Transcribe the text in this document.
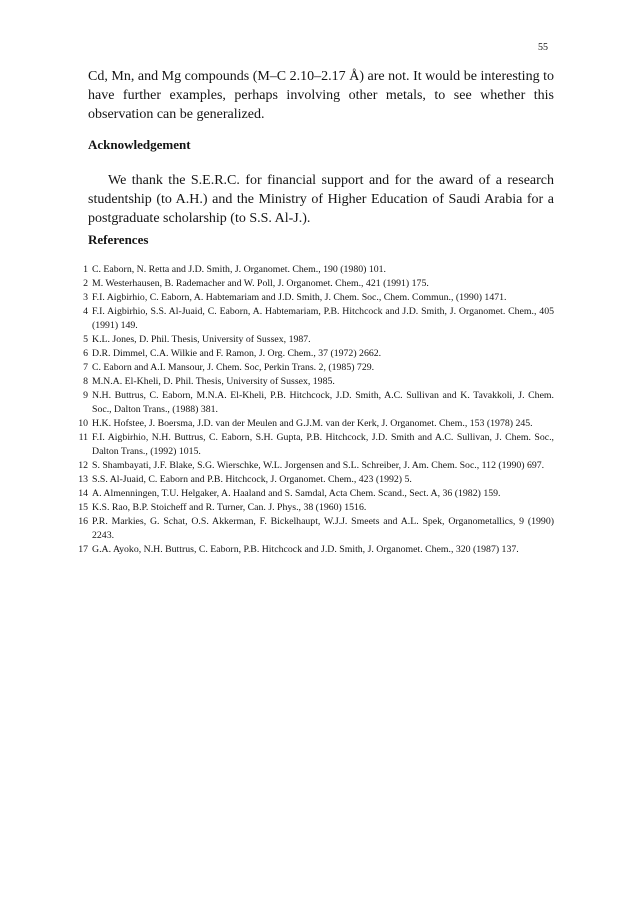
55

Cd, Mn, and Mg compounds (M–C 2.10–2.17 Å) are not. It would be interesting to have further examples, perhaps involving other metals, to see whether this observation can be generalized.

Acknowledgement

We thank the S.E.R.C. for financial support and for the award of a research studentship (to A.H.) and the Ministry of Higher Education of Saudi Arabia for a postgraduate scholarship (to S.S. Al-J.).

References
1 C. Eaborn, N. Retta and J.D. Smith, J. Organomet. Chem., 190 (1980) 101.
2 M. Westerhausen, B. Rademacher and W. Poll, J. Organomet. Chem., 421 (1991) 175.
3 F.I. Aigbirhio, C. Eaborn, A. Habtemariam and J.D. Smith, J. Chem. Soc., Chem. Commun., (1990) 1471.
4 F.I. Aigbirhio, S.S. Al-Juaid, C. Eaborn, A. Habtemariam, P.B. Hitchcock and J.D. Smith, J. Organomet. Chem., 405 (1991) 149.
5 K.L. Jones, D. Phil. Thesis, University of Sussex, 1987.
6 D.R. Dimmel, C.A. Wilkie and F. Ramon, J. Org. Chem., 37 (1972) 2662.
7 C. Eaborn and A.I. Mansour, J. Chem. Soc, Perkin Trans. 2, (1985) 729.
8 M.N.A. El-Kheli, D. Phil. Thesis, University of Sussex, 1985.
9 N.H. Buttrus, C. Eaborn, M.N.A. El-Kheli, P.B. Hitchcock, J.D. Smith, A.C. Sullivan and K. Tavakkoli, J. Chem. Soc., Dalton Trans., (1988) 381.
10 H.K. Hofstee, J. Boersma, J.D. van der Meulen and G.J.M. van der Kerk, J. Organomet. Chem., 153 (1978) 245.
11 F.I. Aigbirhio, N.H. Buttrus, C. Eaborn, S.H. Gupta, P.B. Hitchcock, J.D. Smith and A.C. Sullivan, J. Chem. Soc., Dalton Trans., (1992) 1015.
12 S. Shambayati, J.F. Blake, S.G. Wierschke, W.L. Jorgensen and S.L. Schreiber, J. Am. Chem. Soc., 112 (1990) 697.
13 S.S. Al-Juaid, C. Eaborn and P.B. Hitchcock, J. Organomet. Chem., 423 (1992) 5.
14 A. Almenningen, T.U. Helgaker, A. Haaland and S. Samdal, Acta Chem. Scand., Sect. A, 36 (1982) 159.
15 K.S. Rao, B.P. Stoicheff and R. Turner, Can. J. Phys., 38 (1960) 1516.
16 P.R. Markies, G. Schat, O.S. Akkerman, F. Bickelhaupt, W.J.J. Smeets and A.L. Spek, Organometallics, 9 (1990) 2243.
17 G.A. Ayoko, N.H. Buttrus, C. Eaborn, P.B. Hitchcock and J.D. Smith, J. Organomet. Chem., 320 (1987) 137.
